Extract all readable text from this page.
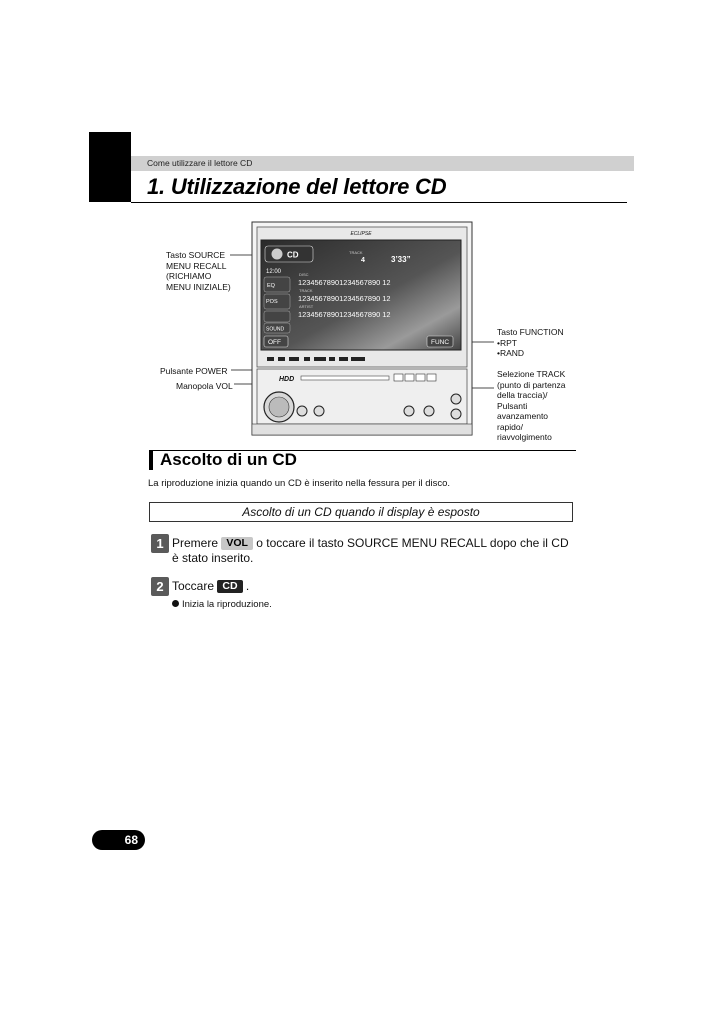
Come utilizzare il lettore CD
1. Utilizzazione del lettore CD
Tasto SOURCE
MENU RECALL
(RICHIAMO
MENU INIZIALE)
Pulsante POWER
Manopola VOL
Tasto FUNCTION
•RPT
•RAND
Selezione TRACK
(punto di partenza
della traccia)/
Pulsanti
avanzamento
rapido/
riavvolgimento
ECLIPSE
CD	TRACK
4	3’33”
12:00	DISC
12345678901234567890 12
TRACK
12345678901234567890 12
ARTIST
12345678901234567890 12
EQ
POS
SOUND
OFF	FUNC
HDD
Ascolto di un CD
La riproduzione inizia quando un CD è inserito nella fessura per il disco.
Ascolto di un CD quando il display è esposto
1 Premere VOL o toccare il tasto SOURCE MENU RECALL dopo che il CD
è stato inserito.
2 Toccare CD .
Inizia la riproduzione.
68
